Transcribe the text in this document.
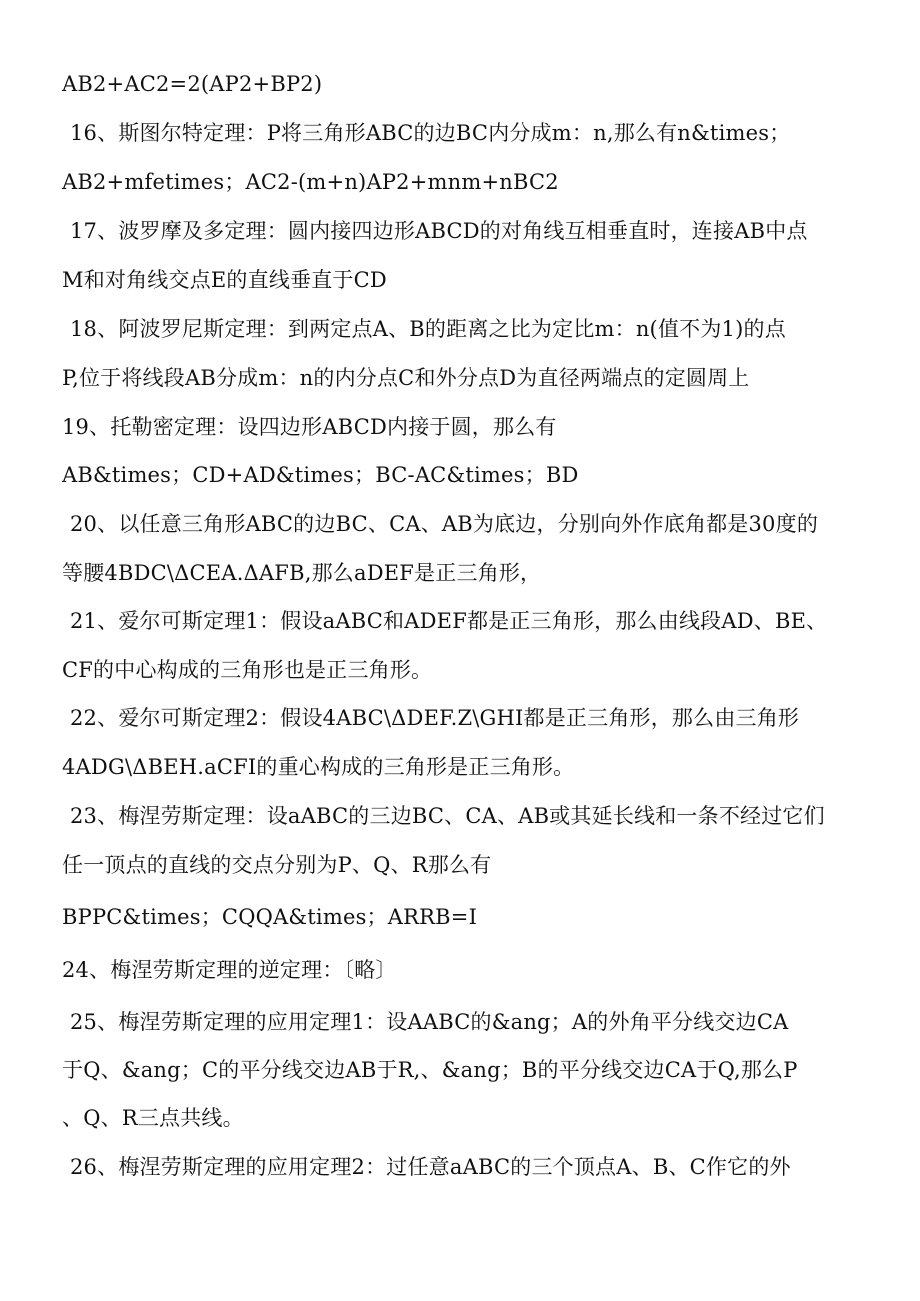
AB2+AC2=2(AP2+BP2)
16、斯图尔特定理：P将三角形ABC的边BC内分成m：n,那么有n&times；
AB2+mfetimes；AC2-(m+n)AP2+mnm+nBC2
17、波罗摩及多定理：圆内接四边形ABCD的对角线互相垂直时，连接AB中点
M和对角线交点E的直线垂直于CD
18、阿波罗尼斯定理：到两定点A、B的距离之比为定比m：n(值不为1)的点
P,位于将线段AB分成m：n的内分点C和外分点D为直径两端点的定圆周上
19、托勒密定理：设四边形ABCD内接于圆，那么有
AB&times；CD+AD&times；BC-AC&times；BD
20、以任意三角形ABC的边BC、CA、AB为底边，分别向外作底角都是30度的
等腰4BDC\ΔCEA.ΔAFB,那么aDEF是正三角形，
21、爱尔可斯定理1：假设aABC和ADEF都是正三角形，那么由线段AD、BE、
CF的中心构成的三角形也是正三角形。
22、爱尔可斯定理2：假设4ABC\ΔDEF.Z\GHI都是正三角形，那么由三角形
4ADG\ΔBEH.aCFI的重心构成的三角形是正三角形。
23、梅涅劳斯定理：设aABC的三边BC、CA、AB或其延长线和一条不经过它们
任一顶点的直线的交点分别为P、Q、R那么有
BPPC&times；CQQA&times；ARRB=I
24、梅涅劳斯定理的逆定理：〔略〕
25、梅涅劳斯定理的应用定理1：设AABC的&ang；A的外角平分线交边CA
于Q、&ang；C的平分线交边AB于R,、&ang；B的平分线交边CA于Q,那么P
、Q、R三点共线。
26、梅涅劳斯定理的应用定理2：过任意aABC的三个顶点A、B、C作它的外
